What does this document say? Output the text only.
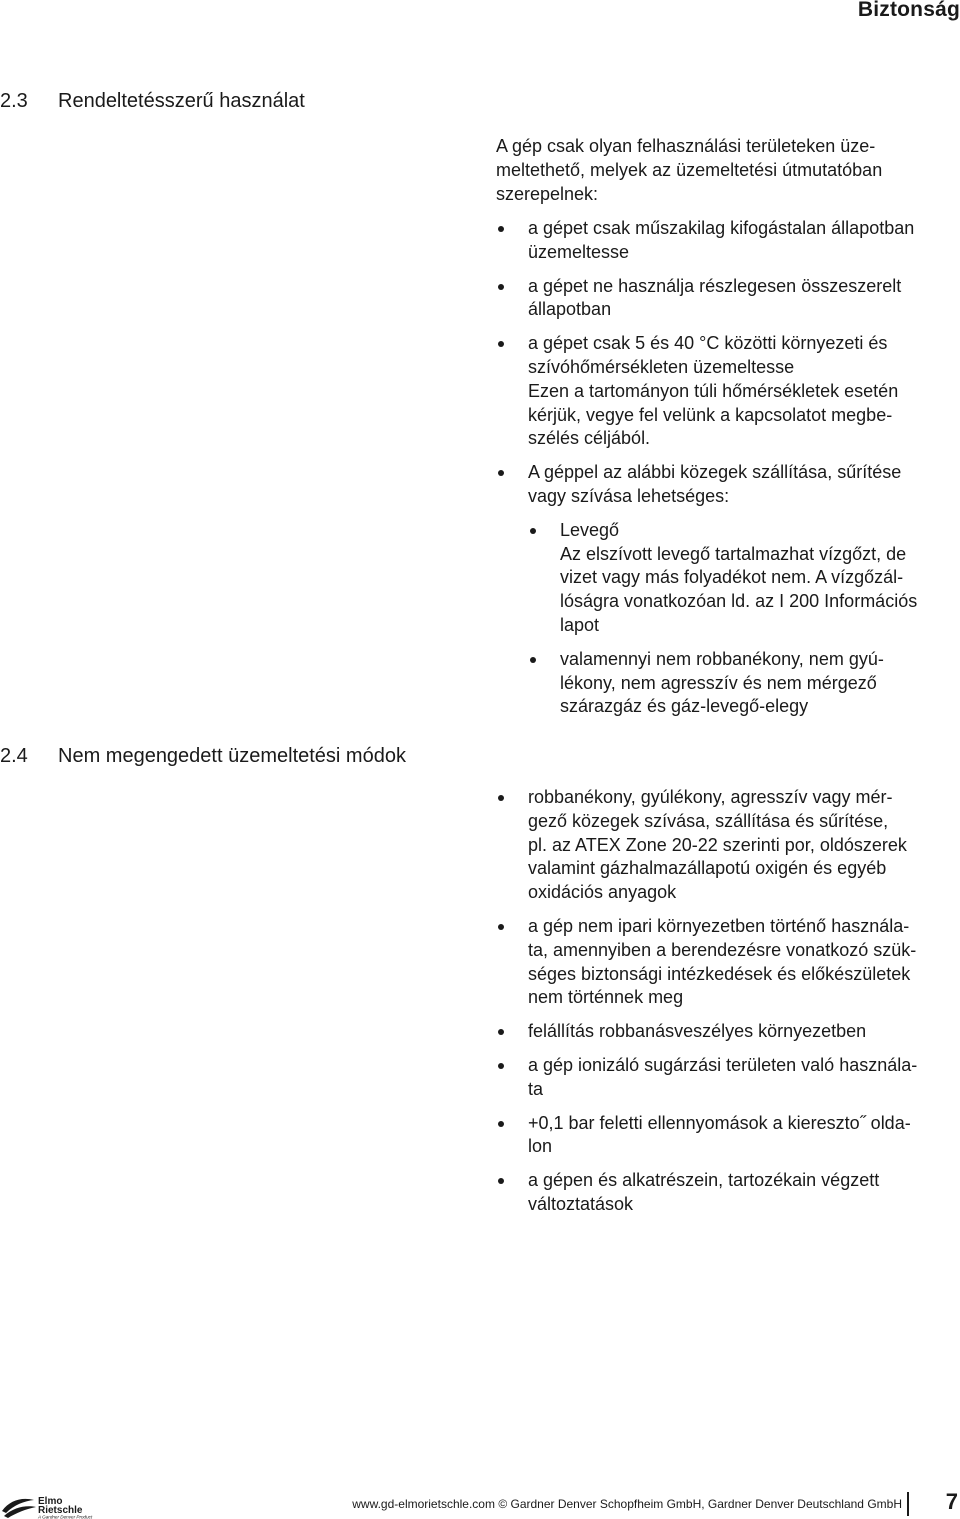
Biztonság
2.3 Rendeltetésszerű használat
A gép csak olyan felhasználási területeken üze-
meltethető, melyek az üzemeltetési útmutatóban
szerepelnek:
a gépet csak műszakilag kifogástalan állapotban
üzemeltesse
a gépet ne használja részlegesen összeszerelt
állapotban
a gépet csak 5 és 40 °C közötti környezeti és
szívóhőmérsékleten üzemeltesse
Ezen a tartományon túli hőmérsékletek esetén
kérjük, vegye fel velünk a kapcsolatot megbe-
szélés céljából.
A géppel az alábbi közegek szállítása, sűrítése
vagy szívása lehetséges:
Levegő
Az elszívott levegő tartalmazhat vízgőzt, de
vizet vagy más folyadékot nem. A vízgőzál-
lóságra vonatkozóan ld. az I 200 Információs
lapot
valamennyi nem robbanékony, nem gyú-
lékony, nem agresszív és nem mérgező
szárazgáz és gáz-levegő-elegy
2.4 Nem megengedett üzemeltetési módok
robbanékony, gyúlékony, agresszív vagy mér-
gező közegek szívása, szállítása és sűrítése,
pl. az ATEX Zone 20-22 szerinti por, oldószerek
valamint gázhalmazállapotú oxigén és egyéb
oxidációs anyagok
a gép nem ipari környezetben történő használa-
ta, amennyiben a berendezésre vonatkozó szük-
séges biztonsági intézkedések és előkészületek
nem történnek meg
felállítás robbanásveszélyes környezetben
a gép ionizáló sugárzási területen való használa-
ta
+0,1 bar feletti ellennyomások a kiereszto˝ olda-
lon
a gépen és alkatrészein, tartozékain végzett
változtatások
Elmo
Rietschle
A Gardner Denver Product
www.gd-elmorietschle.com © Gardner Denver Schopfheim GmbH, Gardner Denver Deutschland GmbH 7
